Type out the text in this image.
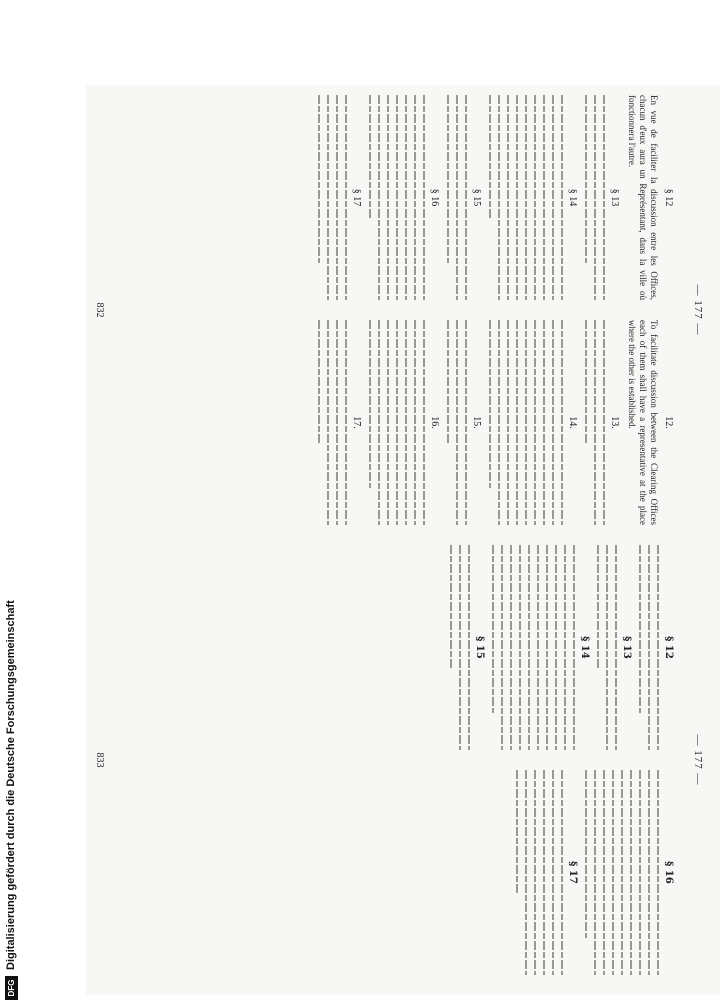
— 177 —
§ 12

En vue de faciliter la discussion entre les Offices, chacun d'eux aura un Représentant, dans la ville où fonctionnera l'autre.

§ 13
§ 14
§ 15
§ 16
§ 17
12.

To facilitate discussion between the Clearing Offices each of them shall have a representative at the place where the other is established.

13.
14.
15.
16.
17.
832
— 177 —
§ 12
§ 13
§ 14
§ 15
§ 16
§ 17
833
DFG
Digitalisierung gefördert durch die Deutsche Forschungsgemeinschaft
